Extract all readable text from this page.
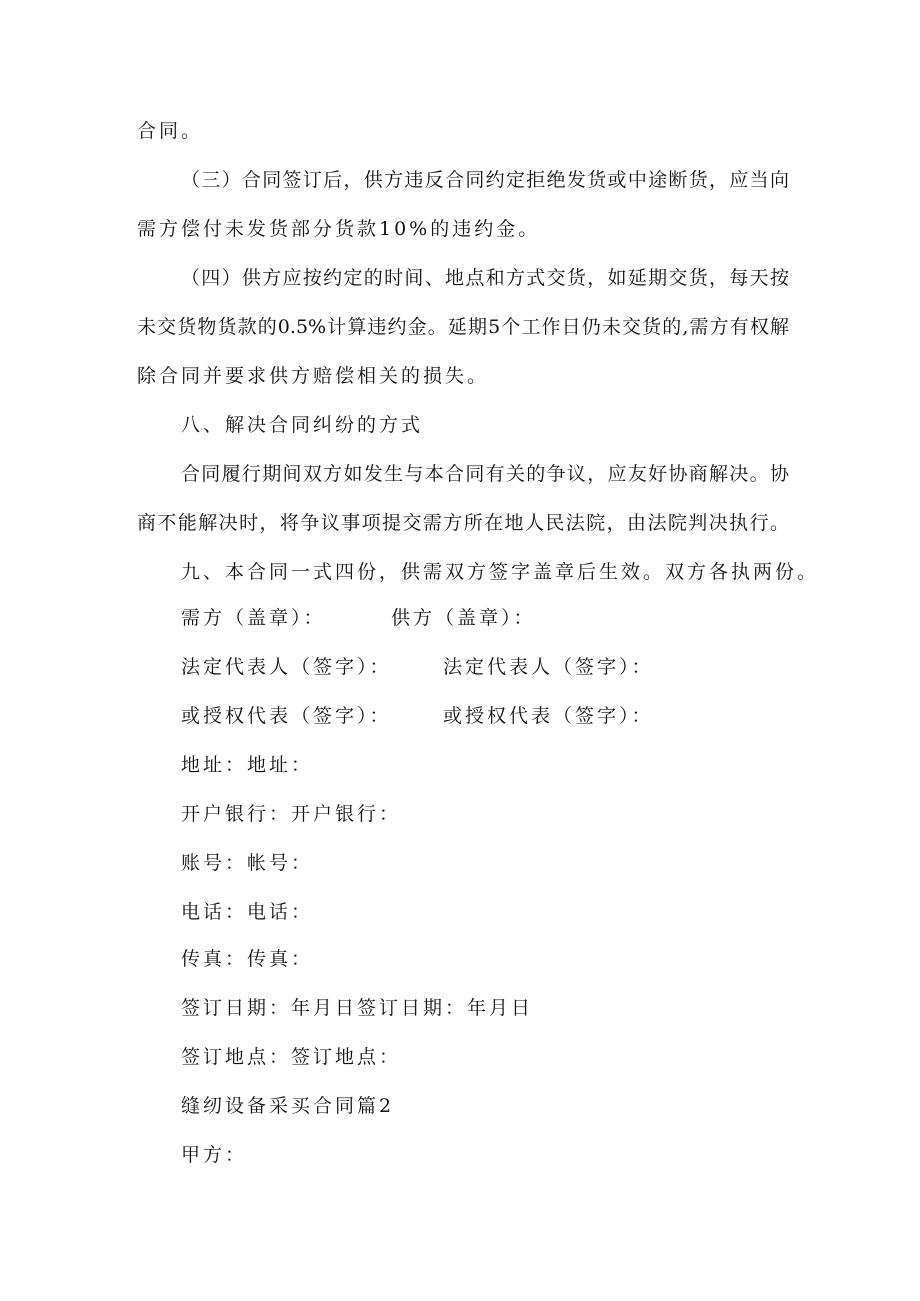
合同。
（三）合同签订后，供方违反合同约定拒绝发货或中途断货，应当向
需方偿付未发货部分货款10%的违约金。
（四）供方应按约定的时间、地点和方式交货，如延期交货，每天按
未交货物货款的0.5%计算违约金。延期5个工作日仍未交货的,需方有权解
除合同并要求供方赔偿相关的损失。
八、解决合同纠纷的方式
合同履行期间双方如发生与本合同有关的争议，应友好协商解决。协
商不能解决时，将争议事项提交需方所在地人民法院，由法院判决执行。
九、本合同一式四份，供需双方签字盖章后生效。双方各执两份。
需方（盖章）：	供方（盖章）：
法定代表人（签字）：	法定代表人（签字）：
或授权代表（签字）：	或授权代表（签字）：
地址：地址：
开户银行：开户银行：
账号：帐号：
电话：电话：
传真：传真：
签订日期：年月日签订日期：年月日
签订地点：签订地点：
缝纫设备采买合同篇2
甲方：
